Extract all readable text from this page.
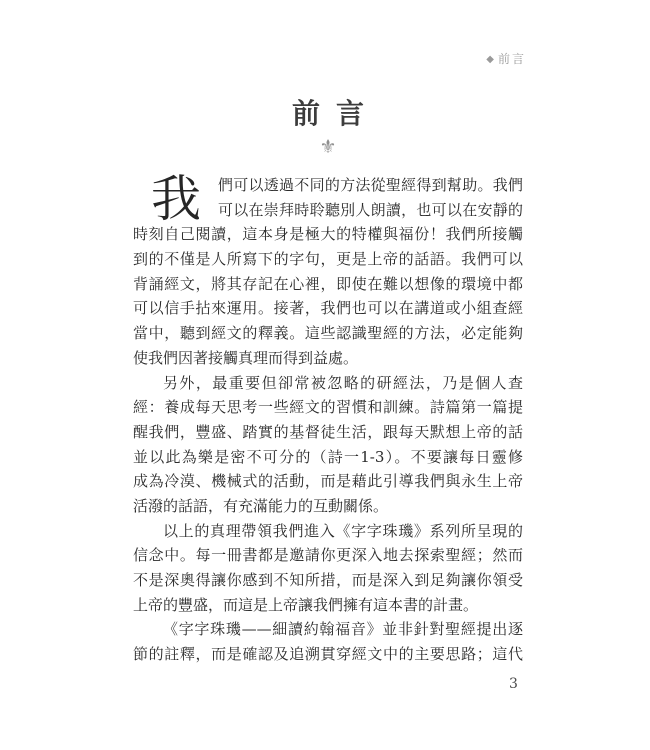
◆ 前言
前言
⚜
我	們可以透過不同的方法從聖經得到幫助。我們
可以在崇拜時聆聽別人朗讀，也可以在安靜的
時刻自己閱讀，這本身是極大的特權與福份！我們所接觸
到的不僅是人所寫下的字句，更是上帝的話語。我們可以
背誦經文，將其存記在心裡，即使在難以想像的環境中都
可以信手拈來運用。接著，我們也可以在講道或小組查經
當中，聽到經文的釋義。這些認識聖經的方法，必定能夠
使我們因著接觸真理而得到益處。
另外，最重要但卻常被忽略的研經法，乃是個人查
經：養成每天思考一些經文的習慣和訓練。詩篇第一篇提
醒我們，豐盛、踏實的基督徒生活，跟每天默想上帝的話
並以此為樂是密不可分的（詩一1-3）。不要讓每日靈修
成為冷漠、機械式的活動，而是藉此引導我們與永生上帝
活潑的話語，有充滿能力的互動關係。
以上的真理帶領我們進入《字字珠璣》系列所呈現的
信念中。每一冊書都是邀請你更深入地去探索聖經；然而
不是深奧得讓你感到不知所措，而是深入到足夠讓你領受
上帝的豐盛，而這是上帝讓我們擁有這本書的計畫。
《字字珠璣——細讀約翰福音》並非針對聖經提出逐
節的註釋，而是確認及追溯貫穿經文中的主要思路；這代
3
